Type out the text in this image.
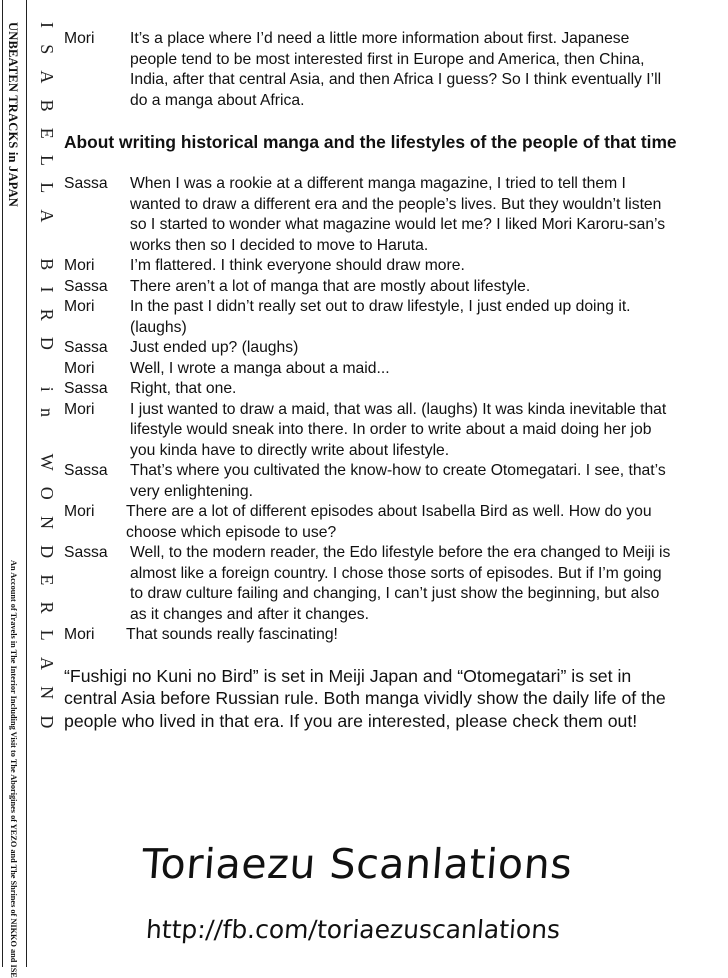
UNBEATEN TRACKS in JAPAN
An Account of Travels in The Interior Including Visit to The Aborigines of YEZO and The Shrines of NIKKO and ISE
ISABELLA BIRD in WONDERLAND Mori	It’s a place where I’d need a little more information about first. Japanese
people tend to be most interested first in Europe and America, then China,
India, after that central Asia, and then Africa I guess? So I think eventually I’ll
do a manga about Africa.
About writing historical manga and the lifestyles of the people of that time
Sassa	When I was a rookie at a different manga magazine, I tried to tell them I
wanted to draw a different era and the people’s lives. But they wouldn’t listen
so I started to wonder what magazine would let me? I liked Mori Karoru-san’s
works then so I decided to move to Haruta.
Mori	I’m flattered. I think everyone should draw more.
Sassa	There aren’t a lot of manga that are mostly about lifestyle.
Mori	In the past I didn’t really set out to draw lifestyle, I just ended up doing it.
(laughs)
Sassa	Just ended up? (laughs)
Mori	Well, I wrote a manga about a maid...
Sassa	Right, that one.
Mori	I just wanted to draw a maid, that was all. (laughs) It was kinda inevitable that
lifestyle would sneak into there. In order to write about a maid doing her job
you kinda have to directly write about lifestyle.
Sassa	That’s where you cultivated the know-how to create Otomegatari. I see, that’s
very enlightening.
Mori	There are a lot of different episodes about Isabella Bird as well. How do you
choose which episode to use?
Sassa	Well, to the modern reader, the Edo lifestyle before the era changed to Meiji is
almost like a foreign country. I chose those sorts of episodes. But if I’m going
to draw culture failing and changing, I can’t just show the beginning, but also
as it changes and after it changes.
Mori	That sounds really fascinating!
“Fushigi no Kuni no Bird” is set in Meiji Japan and “Otomegatari” is set in
central Asia before Russian rule. Both manga vividly show the daily life of the
people who lived in that era. If you are interested, please check them out!
Toriaezu Scanlations
http://fb.com/toriaezuscanlations
